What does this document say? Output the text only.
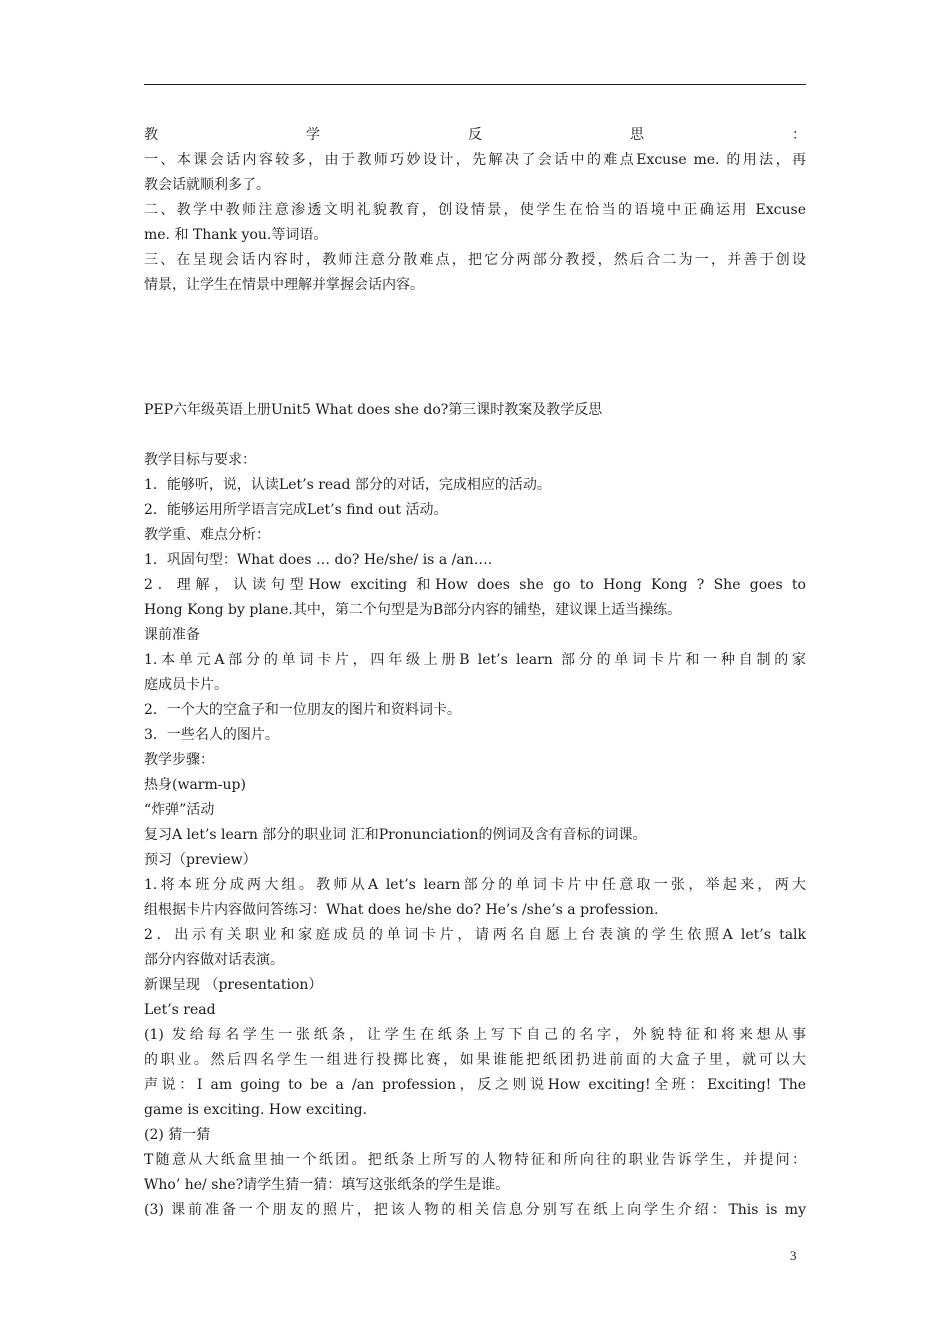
教学反思：
一、本课会话内容较多，由于教师巧妙设计，先解决了会话中的难点Excuse me. 的用法，再
教会话就顺利多了。
二、教学中教师注意渗透文明礼貌教育，创设情景，使学生在恰当的语境中正确运用 Excuse
me. 和 Thank you.等词语。
三、在呈现会话内容时，教师注意分散难点，把它分两部分教授，然后合二为一，并善于创设
情景，让学生在情景中理解并掌握会话内容。
PEP六年级英语上册Unit5 What does she do?第三课时教案及教学反思
教学目标与要求：
1．能够听，说，认读Let’s read 部分的对话，完成相应的活动。
2．能够运用所学语言完成Let’s find out 活动。
教学重、难点分析：
1．巩固句型：What does … do? He/she/ is a /an….
2．理解，认读句型How exciting 和How does she go to Hong Kong ? She goes to
Hong Kong by plane.其中，第二个句型是为B部分内容的铺垫，建议课上适当操练。
课前准备
1.本单元A部分的单词卡片，四年级上册B let’s learn 部分的单词卡片和一种自制的家
庭成员卡片。
2．一个大的空盒子和一位朋友的图片和资料词卡。
3．一些名人的图片。
教学步骤：
热身(warm-up)
“炸弹”活动
复习A let’s learn 部分的职业词 汇和Pronunciation的例词及含有音标的词课。
预习（preview）
1.将本班分成两大组。教师从A let’s learn部分的单词卡片中任意取一张，举起来，两大
组根据卡片内容做问答练习：What does he/she do? He’s /she’s a profession.
2．出示有关职业和家庭成员的单词卡片，请两名自愿上台表演的学生依照A let’s talk
部分内容做对话表演。
新课呈现 （presentation）
Let’s read
(1) 发给每名学生一张纸条，让学生在纸条上写下自己的名字，外貌特征和将来想从事
的职业。然后四名学生一组进行投掷比赛，如果谁能把纸团扔进前面的大盒子里，就可以大
声说：I am going to be a /an profession，反之则说How exciting!全班：Exciting! The
game is exciting. How exciting.
(2) 猜一猜
T随意从大纸盒里抽一个纸团。把纸条上所写的人物特征和所向往的职业告诉学生，并提问：
Who’ he/ she?请学生猜一猜：填写这张纸条的学生是谁。
(3) 课前准备一个朋友的照片，把该人物的相关信息分别写在纸上向学生介绍：This is my
3
